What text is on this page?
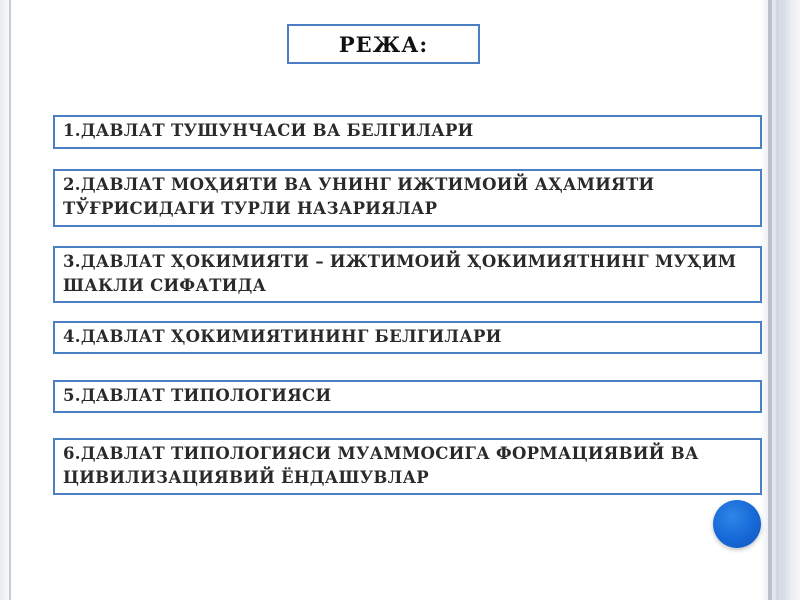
РЕЖА:
1.ДАВЛАТ ТУШУНЧАСИ ВА БЕЛГИЛАРИ
2.ДАВЛАТ МОҲИЯТИ ВА УНИНГ ИЖТИМОИЙ АҲАМИЯТИ ТЎҒРИСИДАГИ ТУРЛИ НАЗАРИЯЛАР
3.ДАВЛАТ ҲОКИМИЯТИ – ИЖТИМОИЙ ҲОКИМИЯТНИНГ МУҲИМ ШАКЛИ СИФАТИДА
4.ДАВЛАТ ҲОКИМИЯТИНИНГ БЕЛГИЛАРИ
5.ДАВЛАТ ТИПОЛОГИЯСИ
6.ДАВЛАТ ТИПОЛОГИЯСИ МУАММОСИГА ФОРМАЦИЯВИЙ ВА ЦИВИЛИЗАЦИЯВИЙ ЁНДАШУВЛАР
